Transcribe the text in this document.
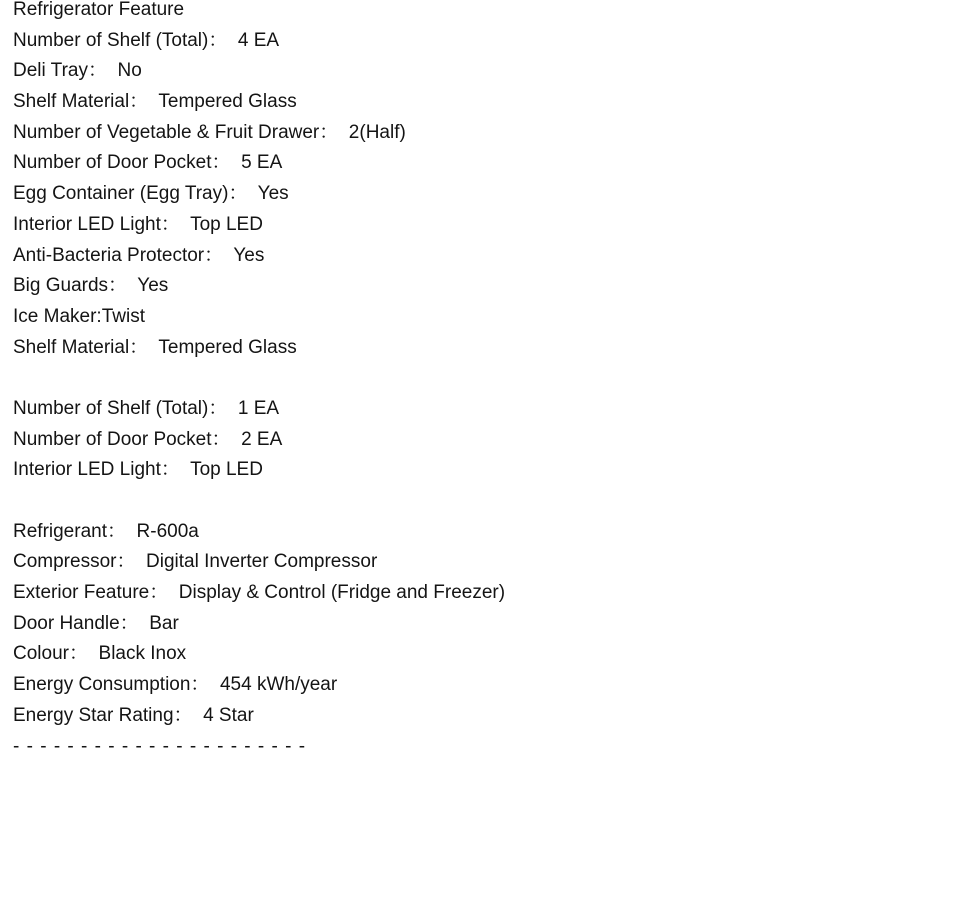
Refrigerator Feature
Number of Shelf (Total)：  4 EA
Deli Tray：  No
Shelf Material：  Tempered Glass
Number of Vegetable & Fruit Drawer：  2(Half)
Number of Door Pocket：  5 EA
Egg Container (Egg Tray)：  Yes
Interior LED Light：  Top LED
Anti-Bacteria Protector：  Yes
Big Guards：  Yes
Ice Maker:Twist
Shelf Material：  Tempered Glass
Number of Shelf (Total)：  1 EA
Number of Door Pocket：  2 EA
Interior LED Light：  Top LED
Refrigerant：  R-600a
Compressor：  Digital Inverter Compressor
Exterior Feature：  Display & Control (Fridge and Freezer)
Door Handle：  Bar
Colour：  Black Inox
Energy Consumption：  454 kWh/year
Energy Star Rating：  4 Star
- - - - - - - - - - - - - - - - - - - - - -
